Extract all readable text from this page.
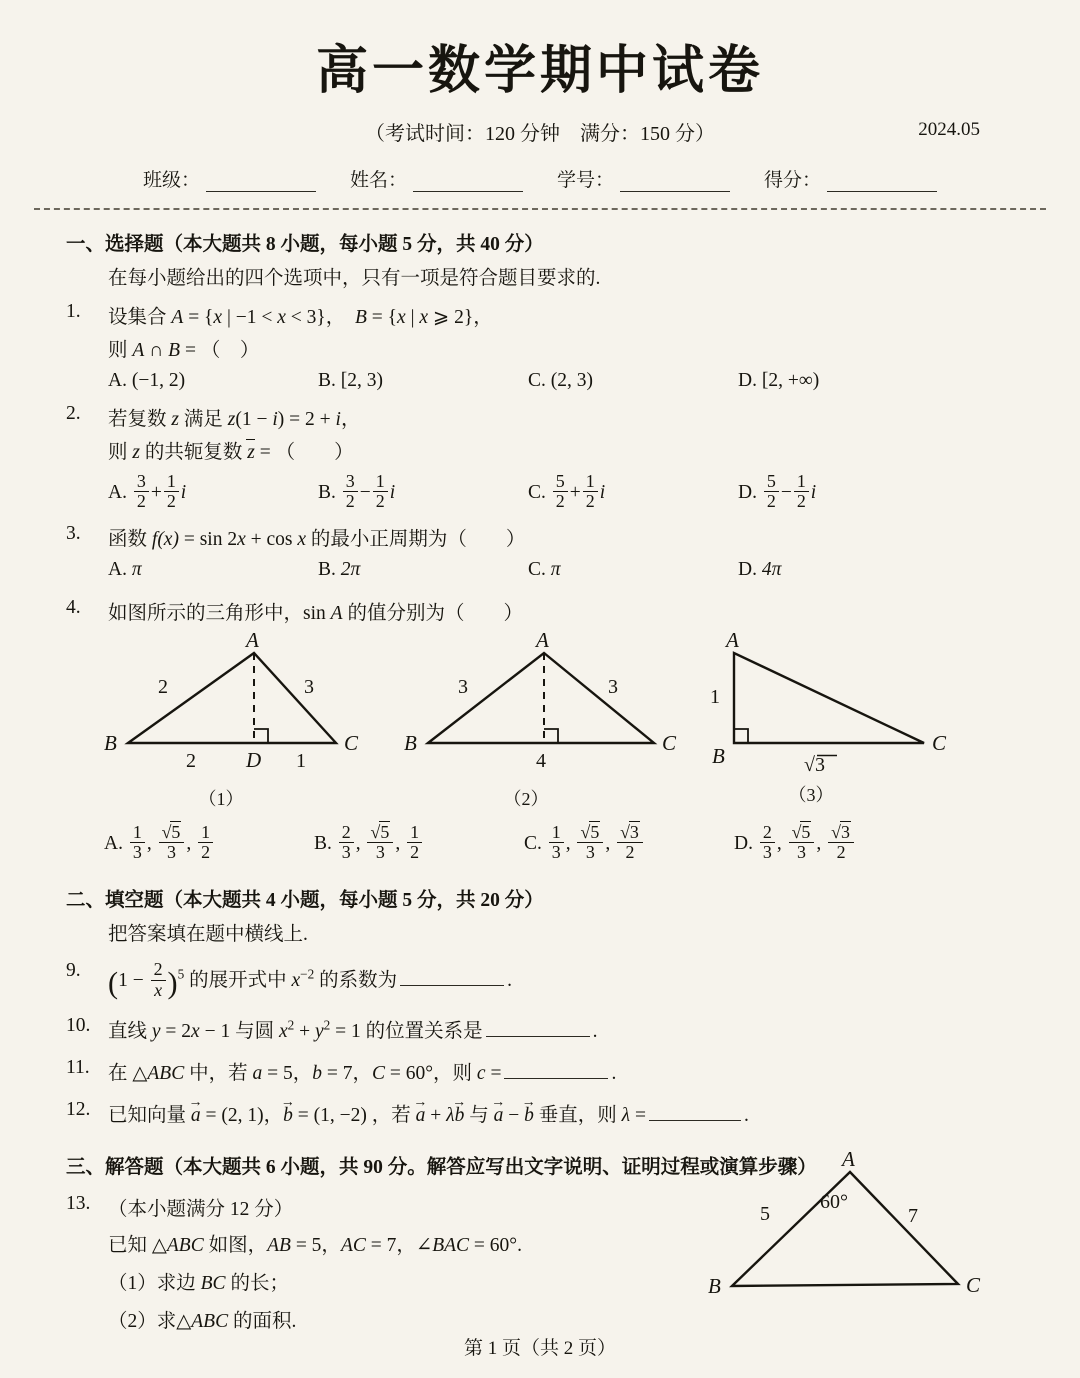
高一数学期中试卷
（考试时间：120 分钟　满分：150 分）	2024.05
班级：	姓名：	学号：	得分：
一、选择题（本大题共 8 小题，每小题 5 分，共 40 分）
在每小题给出的四个选项中，只有一项是符合题目要求的.
1.	设集合 A = {x | −1 < x < 3}，　B = {x | x ⩾ 2}，
则 A ∩ B = （　）
A. (−1, 2)	B. [2, 3)	C. (2, 3)	D. [2, +∞)
2.	若复数 z 满足 z(1 − i) = 2 + i，
则 z 的共轭复数 z = （　　）
A. $\frac{3}{2} + \frac{1}{2}$ i	B. $\frac{3}{2} - \frac{1}{2}$ i	C. $\frac{5}{2} + \frac{1}{2}$ i	D. $\frac{5}{2} - \frac{1}{2}$ i
3.	函数 f(x) = sin 2x + cos x 的最小正周期为（　　）
A. π	B. 2π	C. π	D. 4π
4.	如图所示的三角形中，sin A 的值分别为（　　）
A
B	C
D
2	3
2	1
（1）
A
B	C
3	3
4
（2）
A
B
C
1
√3
（3）
A. $\frac{1}{3}$ , $\frac{√5}{3}$ , $\frac{1}{2}$	B. $\frac{2}{3}$ , $\frac{√5}{3}$ , $\frac{1}{2}$	C. $\frac{1}{3}$ , $\frac{√5}{3}$ , $\frac{√3}{2}$	D. $\frac{2}{3}$ , $\frac{√5}{3}$ , $\frac{√3}{2}$
二、填空题（本大题共 4 小题，每小题 5 分，共 20 分）
把答案填在题中横线上.
9. $(1 - \frac{2}{x} )^5$ 的展开式中 $x^{-2}$ 的系数为	.
10. 直线 y = 2x − 1 与圆 $x^2 + y^2 = 1$ 的位置关系是	.
11. 在 △ABC 中，若 a = 5，b = 7，C = 60°，则 c =	.
12. 已知向量 a → = (2, 1)，b → = (1, −2) ，若 a → + λb → 与 a → − b → 垂直，则 λ =	.
三、解答题（本大题共 6 小题，共 90 分。解答应写出文字说明、证明过程或演算步骤）
13. （本小题满分 12 分）
已知 △ABC 如图，AB = 5，AC = 7，∠BAC = 60°.
（1）求边 BC 的长；
（2）求△ABC 的面积.
A
B	C
60°
5	7
第 1 页（共 2 页）
